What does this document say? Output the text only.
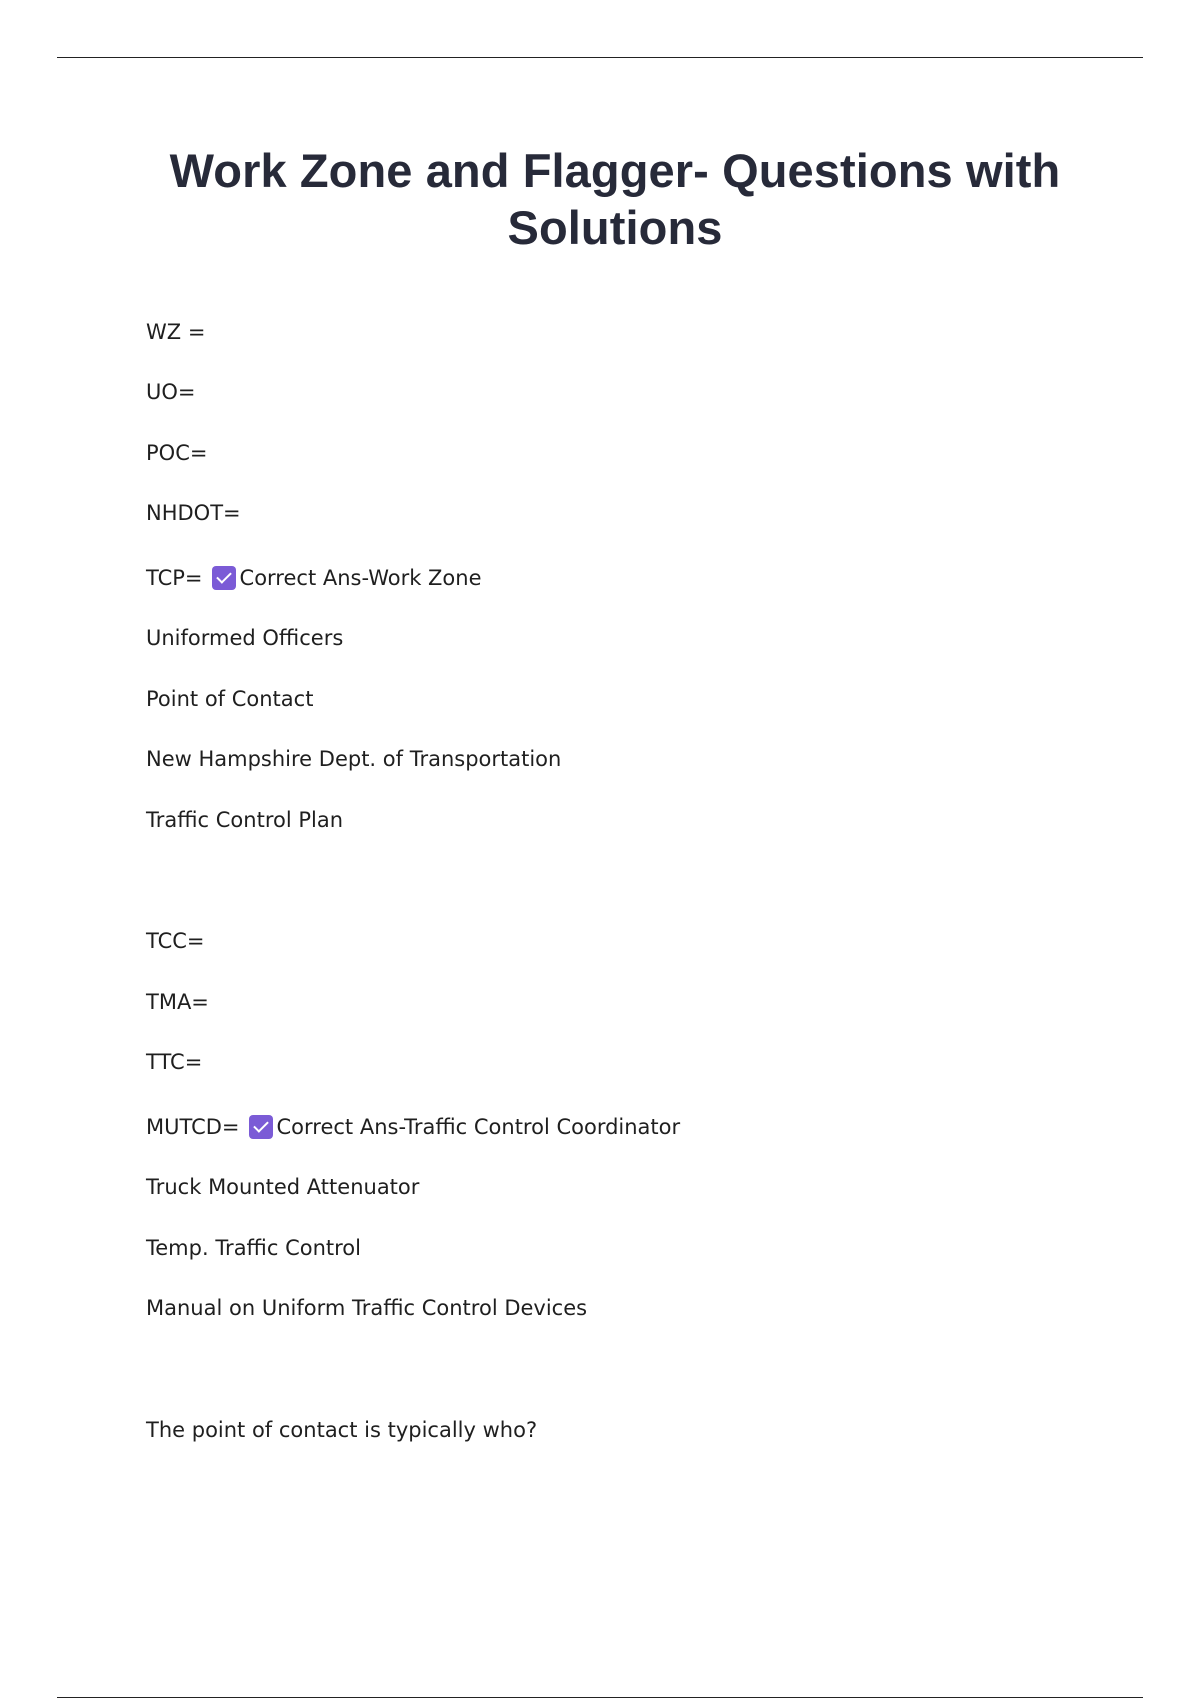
Work Zone and Flagger- Questions with Solutions
WZ =
UO=
POC=
NHDOT=
TCP= Correct Ans-Work Zone
Uniformed Officers
Point of Contact
New Hampshire Dept. of Transportation
Traffic Control Plan
TCC=
TMA=
TTC=
MUTCD= Correct Ans-Traffic Control Coordinator
Truck Mounted Attenuator
Temp. Traffic Control
Manual on Uniform Traffic Control Devices
The point of contact is typically who?
